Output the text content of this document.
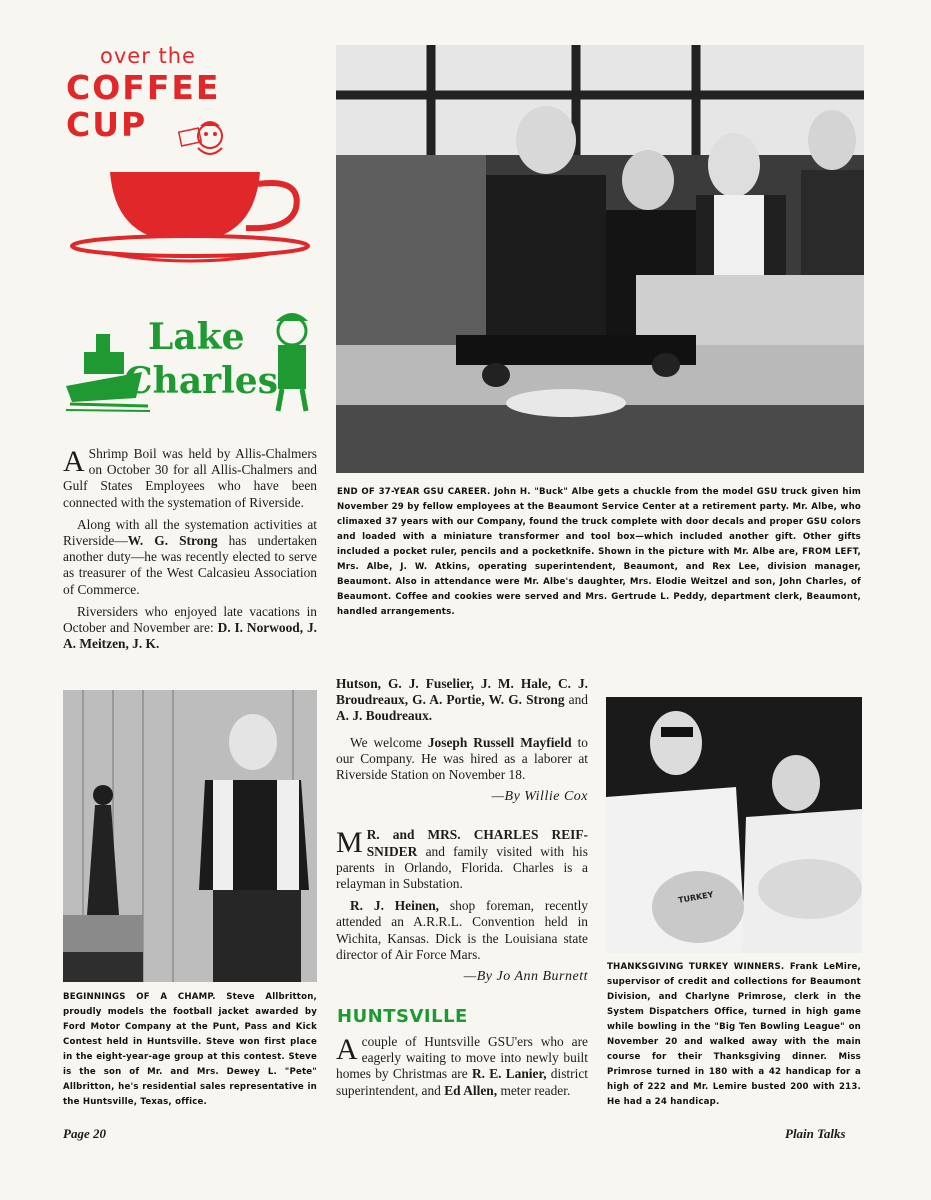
over the
COFFEE
CUP
Lake
Charles
END OF 37-YEAR GSU CAREER. John H. "Buck" Albe gets a chuckle from the model GSU truck given him November 29 by fellow employees at the Beaumont Service Center at a retirement party. Mr. Albe, who climaxed 37 years with our Company, found the truck complete with door decals and proper GSU colors and loaded with a miniature transformer and tool box—which included another gift. Other gifts included a pocket ruler, pencils and a pocketknife. Shown in the picture with Mr. Albe are, FROM LEFT, Mrs. Albe, J. W. Atkins, operating superintendent, Beaumont, and Rex Lee, division manager, Beaumont. Also in attendance were Mr. Albe's daughter, Mrs. Elodie Weitzel and son, John Charles, of Beaumont. Coffee and cookies were served and Mrs. Gertrude L. Peddy, department clerk, Beaumont, handled arrangements.

A Shrimp Boil was held by Allis-Chalmers on October 30 for all Allis-Chalmers and Gulf States Employees who have been connected with the systemation of Riverside.

Along with all the systemation activities at Riverside—W. G. Strong has undertaken another duty—he was recently elected to serve as treasurer of the West Calcasieu Association of Commerce.

Riversiders who enjoyed late vacations in October and November are: D. I. Norwood, J. A. Meitzen, J. K.

Hutson, G. J. Fuselier, J. M. Hale, C. J. Broudreaux, G. A. Portie, W. G. Strong and A. J. Boudreaux.

We welcome Joseph Russell Mayfield to our Company. He was hired as a laborer at Riverside Station on November 18.

—By Willie Cox

M R. and MRS. CHARLES REIF-SNIDER and family visited with his parents in Orlando, Florida. Charles is a relayman in Substation.

R. J. Heinen, shop foreman, recently attended an A.R.R.L. Convention held in Wichita, Kansas. Dick is the Louisiana state director of Air Force Mars.

—By Jo Ann Burnett
HUNTSVILLE
Acouple of Huntsville GSU'ers who are eagerly waiting to move into newly built homes by Christmas are R. E. Lanier, district superintendent, and Ed Allen, meter reader.
BEGINNINGS OF A CHAMP. Steve Allbritton, proudly models the football jacket awarded by Ford Motor Company at the Punt, Pass and Kick Contest held in Huntsville. Steve won first place in the eight-year-age group at this contest. Steve is the son of Mr. and Mrs. Dewey L. "Pete" Allbritton, he's residential sales representative in the Huntsville, Texas, office.
TURKEY
THANKSGIVING TURKEY WINNERS. Frank LeMire, supervisor of credit and collections for Beaumont Division, and Charlyne Primrose, clerk in the System Dispatchers Office, turned in high game while bowling in the "Big Ten Bowling League" on November 20 and walked away with the main course for their Thanksgiving dinner. Miss Primrose turned in 180 with a 42 handicap for a high of 222 and Mr. Lemire busted 200 with 213. He had a 24 handicap.
Page 20	Plain Talks
